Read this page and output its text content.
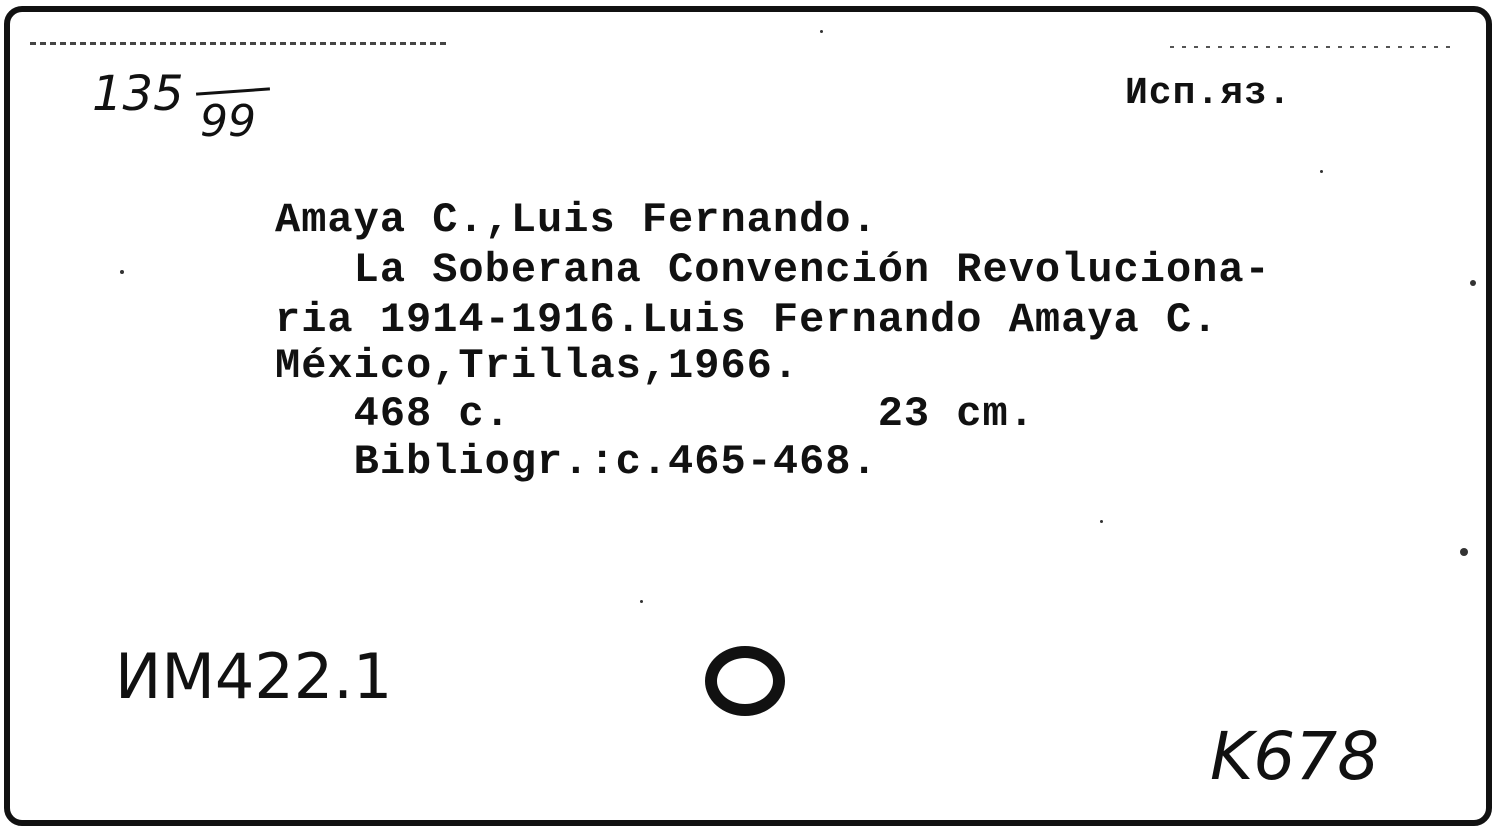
135 99
Исп.яз.
Amaya C.,Luis Fernando.
La Soberana Convención Revoluciona-
ria 1914-1916.Luis Fernando Amaya C.
México,Trillas,1966.
468 c.              23 cm.
Bibliogr.:c.465-468.
ИМ422.1
K678
